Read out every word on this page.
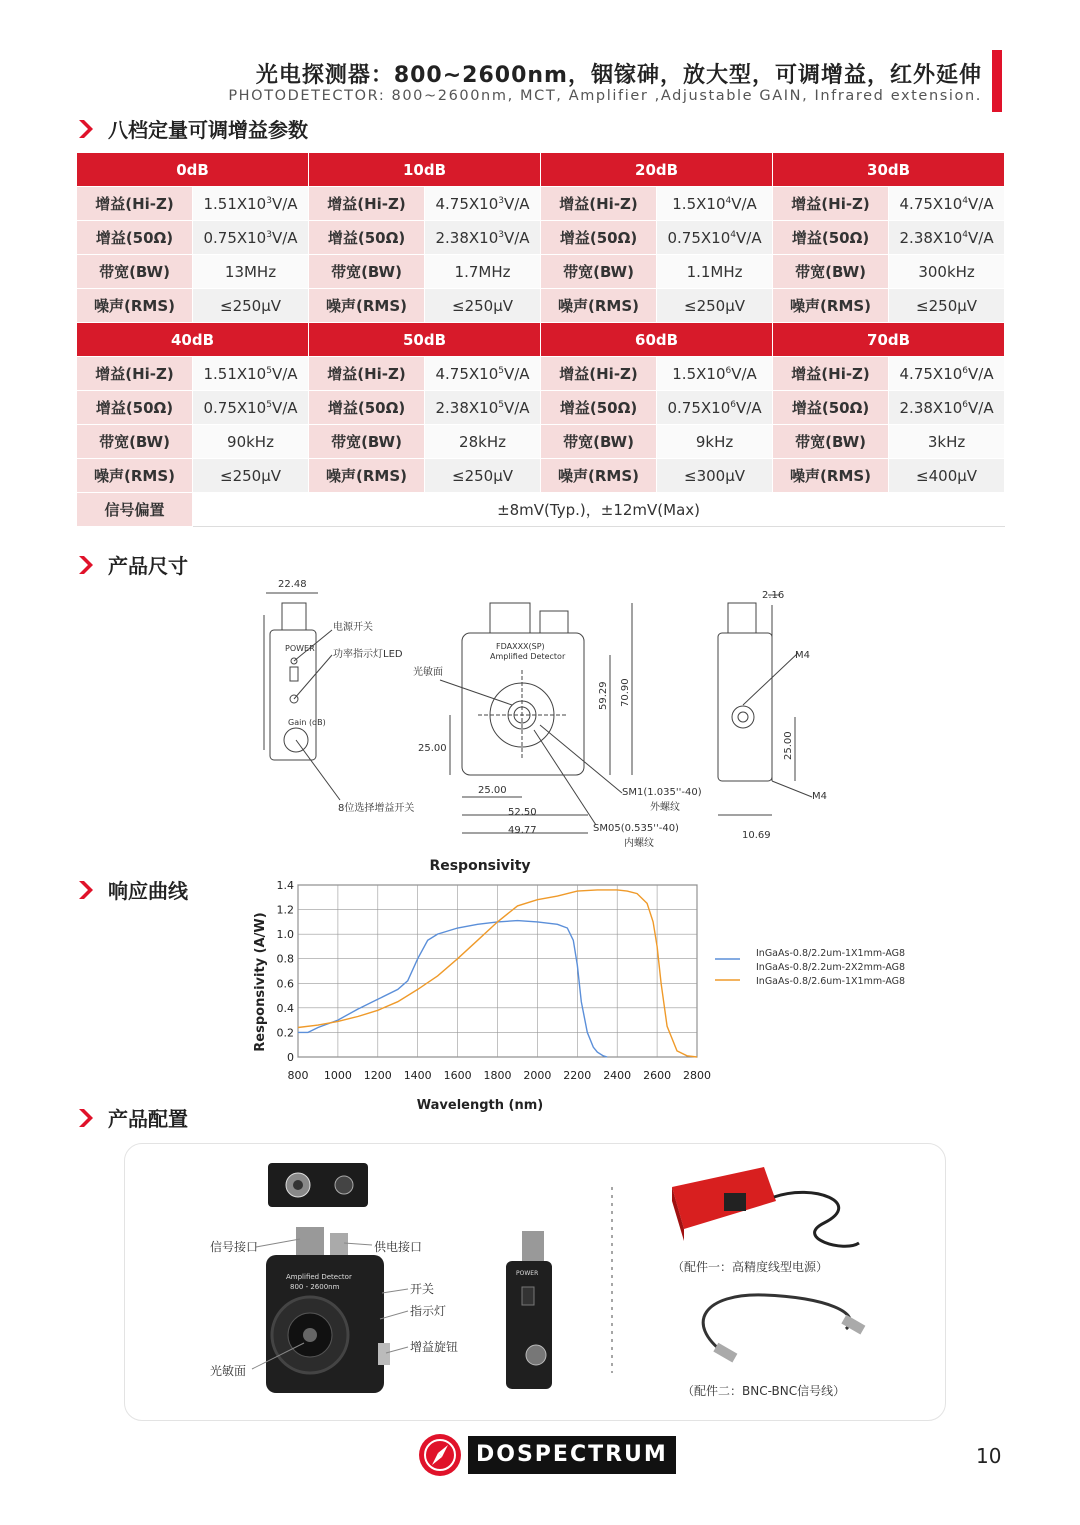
光电探测器：800~2600nm，铟镓砷，放大型，可调增益，红外延伸
PHOTODETECTOR: 800~2600nm, MCT, Amplifier ,Adjustable GAIN, Infrared extension.
八档定量可调增益参数
0dB		10dB		20dB		30dB	
增益(Hi-Z)	$1.51X10^3V/A$	增益(Hi-Z)	$4.75X10^3V/A$	增益(Hi-Z)	$1.5X10^4V/A$	增益(Hi-Z)	$4.75X10^4V/A$
增益(50Ω)	$0.75X10^3V/A$	增益(50Ω)	$2.38X10^3V/A$	增益(50Ω)	$0.75X10^4V/A$	增益(50Ω)	$2.38X10^4V/A$
带宽(BW)	13MHz	带宽(BW)	1.7MHz	带宽(BW)	1.1MHz	带宽(BW)	300kHz
噪声(RMS)	≤250μV	噪声(RMS)	≤250μV	噪声(RMS)	≤250μV	噪声(RMS)	≤250μV
40dB		50dB		60dB		70dB	
增益(Hi-Z)	$1.51X10^5V/A$	增益(Hi-Z)	$4.75X10^5V/A$	增益(Hi-Z)	$1.5X10^6V/A$	增益(Hi-Z)	$4.75X10^6V/A$
增益(50Ω)	$0.75X10^5V/A$	增益(50Ω)	$2.38X10^5V/A$	增益(50Ω)	$0.75X10^6V/A$	增益(50Ω)	$2.38X10^6V/A$
带宽(BW)	90kHz	带宽(BW)	28kHz	带宽(BW)	9kHz	带宽(BW)	3kHz
噪声(RMS)	≤250μV	噪声(RMS)	≤250μV	噪声(RMS)	≤300μV	噪声(RMS)	≤400μV
信号偏置	±8mV(Typ.)，±12mV(Max)						
产品尺寸
22.48
电源开关
功率指示灯LED
8位选择增益开关
POWER
Gain (dB)
FDAXXX(SP)
Amplified Detector
光敏面
25.00
25.00
52.50
49.77
59.29 70.90
SM1(1.035''-40)
外螺纹
SM05(0.535''-40)
内螺纹
2.16
M4
25.00
M4
10.69
响应曲线
Responsivity
Responsivity (A/W)
Wavelength (nm)
800 1000 1200 1400 1600 1800 2000 2200 2400 2600 2800
0
0.2
0.4
0.6
0.8
1.0
1.2
1.4
InGaAs-0.8/2.2um-1X1mm-AG8
InGaAs-0.8/2.2um-2X2mm-AG8
InGaAs-0.8/2.6um-1X1mm-AG8
产品配置
Amplified Detector
800 - 2600nm
POWER
信号接口	供电接口
开关
指示灯
增益旋钮
光敏面
（配件一：高精度线型电源）
（配件二：BNC-BNC信号线）
DOSPECTRUM	10
